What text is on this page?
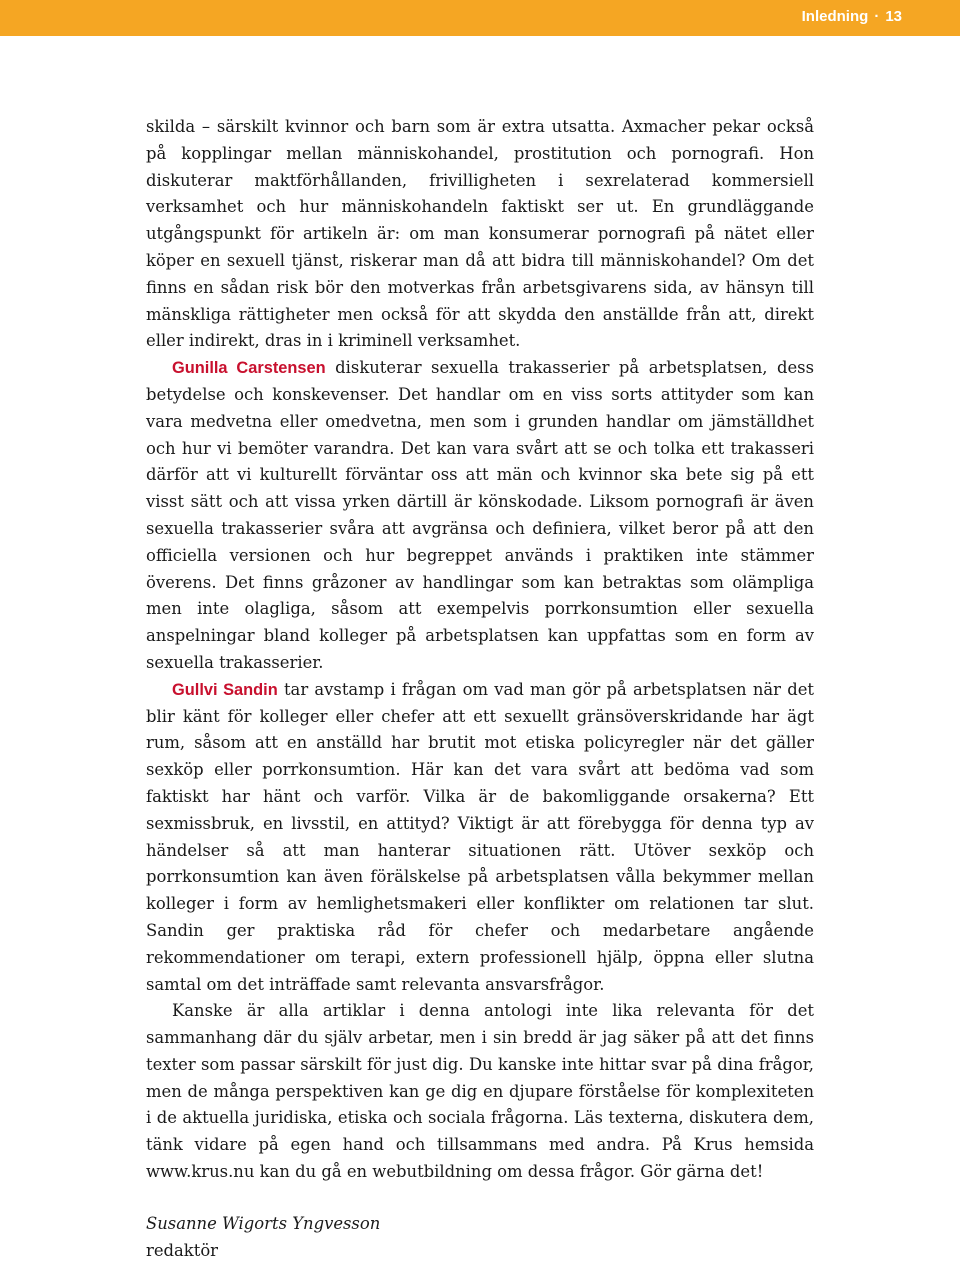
Inledning · 13

skilda – särskilt kvinnor och barn som är extra utsatta. Axmacher pekar också på kopplingar mellan människohandel, prostitution och pornografi. Hon diskuterar maktförhållanden, frivilligheten i sexrelaterad kommersiell verksamhet och hur människohandeln faktiskt ser ut. En grundläggande utgångspunkt för artikeln är: om man konsumerar pornografi på nätet eller köper en sexuell tjänst, riskerar man då att bidra till människohandel? Om det finns en sådan risk bör den motverkas från arbetsgivarens sida, av hänsyn till mänskliga rättigheter men också för att skydda den anställde från att, direkt eller indirekt, dras in i kriminell verksamhet.

Gunilla Carstensen diskuterar sexuella trakasserier på arbetsplatsen, dess betydelse och konskevenser. Det handlar om en viss sorts attityder som kan vara medvetna eller omedvetna, men som i grunden handlar om jämställdhet och hur vi bemöter varandra. Det kan vara svårt att se och tolka ett trakasseri därför att vi kulturellt förväntar oss att män och kvinnor ska bete sig på ett visst sätt och att vissa yrken därtill är könskodade. Liksom pornografi är även sexuella trakasserier svåra att avgränsa och definiera, vilket beror på att den officiella versionen och hur begreppet används i praktiken inte stämmer överens. Det finns gråzoner av handlingar som kan betraktas som olämpliga men inte olagliga, såsom att exempelvis porrkonsumtion eller sexuella anspelningar bland kolleger på arbetsplatsen kan uppfattas som en form av sexuella trakasserier.

Gullvi Sandin tar avstamp i frågan om vad man gör på arbetsplatsen när det blir känt för kolleger eller chefer att ett sexuellt gränsöverskridande har ägt rum, såsom att en anställd har brutit mot etiska policyregler när det gäller sexköp eller porrkonsumtion. Här kan det vara svårt att bedöma vad som faktiskt har hänt och varför. Vilka är de bakomliggande orsakerna? Ett sexmissbruk, en livsstil, en attityd? Viktigt är att förebygga för denna typ av händelser så att man hanterar situationen rätt. Utöver sexköp och porrkonsumtion kan även förälskelse på arbetsplatsen vålla bekymmer mellan kolleger i form av hemlighetsmakeri eller konflikter om relationen tar slut. Sandin ger praktiska råd för chefer och medarbetare angående rekommendationer om terapi, extern professionell hjälp, öppna eller slutna samtal om det inträffade samt relevanta ansvarsfrågor.

Kanske är alla artiklar i denna antologi inte lika relevanta för det sammanhang där du själv arbetar, men i sin bredd är jag säker på att det finns texter som passar särskilt för just dig. Du kanske inte hittar svar på dina frågor, men de många perspektiven kan ge dig en djupare förståelse för komplexiteten i de aktuella juridiska, etiska och sociala frågorna. Läs texterna, diskutera dem, tänk vidare på egen hand och tillsammans med andra. På Krus hemsida www.krus.nu kan du gå en webutbildning om dessa frågor. Gör gärna det!

Susanne Wigorts Yngvesson
redaktör
